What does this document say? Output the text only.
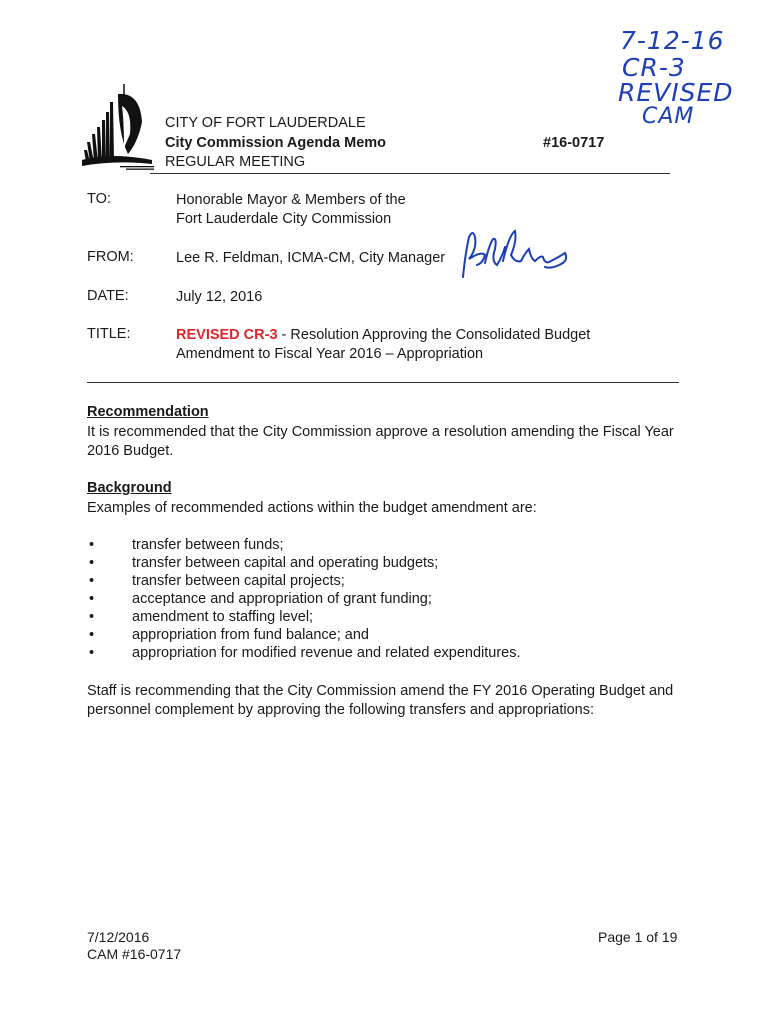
7-12-16
CR-3
REVISED
CAM
CITY OF FORT LAUDERDALE
City Commission Agenda Memo
REGULAR MEETING
#16-0717
TO:	Honorable Mayor & Members of the
Fort Lauderdale City Commission
FROM:	Lee R. Feldman, ICMA-CM, City Manager
DATE:	July 12, 2016
TITLE:	REVISED CR-3 - Resolution Approving the Consolidated Budget
Amendment to Fiscal Year 2016 – Appropriation
Recommendation
It is recommended that the City Commission approve a resolution amending the Fiscal Year 2016 Budget.
Background
Examples of recommended actions within the budget amendment are:
•	transfer between funds;
•	transfer between capital and operating budgets;
•	transfer between capital projects;
•	acceptance and appropriation of grant funding;
•	amendment to staffing level;
•	appropriation from fund balance; and
•	appropriation for modified revenue and related expenditures.
Staff is recommending that the City Commission amend the FY 2016 Operating Budget and personnel complement by approving the following transfers and appropriations:
7/12/2016
CAM #16-0717
Page 1 of 19
